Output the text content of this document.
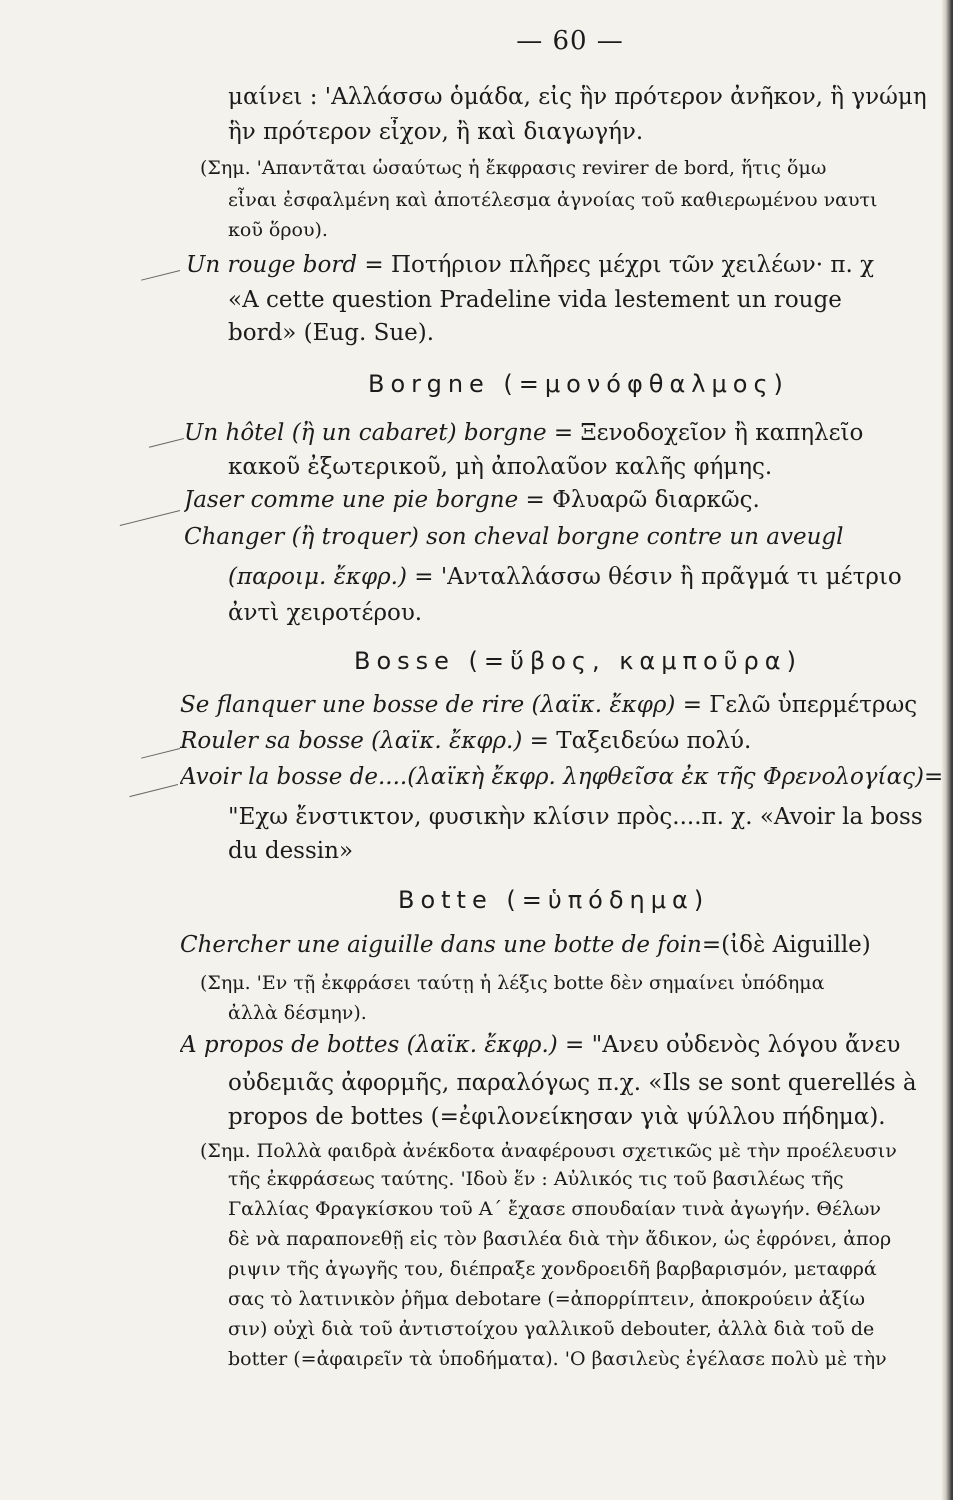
— 60 —
μαίνει : 'Αλλάσσω ὁμάδα, εἰς ἣν πρότερον ἀνῆκον, ἣ γνώμη
ἣν πρότερον εἶχον, ἢ καὶ διαγωγήν.
(Σημ. 'Απαντᾶται ὡσαύτως ἡ ἔκφρασις revirer de bord, ἥτις ὅμω
εἶναι ἐσφαλμένη καὶ ἀποτέλεσμα ἀγνοίας τοῦ καθιερωμένου ναυτι
κοῦ ὅρου).
Un rouge bord = Ποτήριον πλῆρες μέχρι τῶν χειλέων· π. χ
«A cette question Pradeline vida lestement un rouge
bord» (Eug. Sue).
Borgne (=μονόφθαλμος)
Un hôtel (ἢ un cabaret) borgne = Ξενοδοχεῖον ἢ καπηλεῖο
κακοῦ ἐξωτερικοῦ, μὴ ἀπολαῦον καλῆς φήμης.
Jaser comme une pie borgne = Φλυαρῶ διαρκῶς.
Changer (ἢ troquer) son cheval borgne contre un aveugl
(παροιμ. ἔκφρ.) = 'Ανταλλάσσω θέσιν ἢ πρᾶγμά τι μέτριο
ἀντὶ χειροτέρου.
Bosse (=ὕβος, καμποῦρα)
Se flanquer une bosse de rire (λαϊκ. ἔκφρ) = Γελῶ ὑπερμέτρως
Rouler sa bosse (λαϊκ. ἔκφρ.) = Ταξειδεύω πολύ.
Avoir la bosse de....(λαϊκὴ ἔκφρ. ληφθεῖσα ἐκ τῆς Φρενολογίας)=
"Εχω ἔνστικτον, φυσικὴν κλίσιν πρὸς....π. χ. «Avoir la boss
du dessin»
Botte (=ὑπόδημα)
Chercher une aiguille dans une botte de foin=(ἰδὲ Aiguille)
(Σημ. 'Εν τῇ ἐκφράσει ταύτῃ ἡ λέξις botte δὲν σημαίνει ὑπόδημα
ἀλλὰ δέσμην).
A propos de bottes (λαϊκ. ἔκφρ.) = "Ανευ οὐδενὸς λόγου ἄνευ
οὐδεμιᾶς ἀφορμῆς, παραλόγως π.χ. «Ils se sont querellés à
propos de bottes (=ἐφιλονείκησαν γιὰ ψύλλου πήδημα).
(Σημ. Πολλὰ φαιδρὰ ἀνέκδοτα ἀναφέρουσι σχετικῶς μὲ τὴν προέλευσιν
τῆς ἐκφράσεως ταύτης. 'Ιδοὺ ἕν : Αὐλικός τις τοῦ βασιλέως τῆς
Γαλλίας Φραγκίσκου τοῦ Α΄ ἔχασε σπουδαίαν τινὰ ἀγωγήν. Θέλων
δὲ νὰ παραπονεθῇ εἰς τὸν βασιλέα διὰ τὴν ἄδικον, ὡς ἐφρόνει, ἀπορ
ριψιν τῆς ἀγωγῆς του, διέπραξε χονδροειδῆ βαρβαρισμόν, μεταφρά
σας τὸ λατινικὸν ῥῆμα debotare (=ἀπορρίπτειν, ἀποκρούειν ἀξίω
σιν) οὐχὶ διὰ τοῦ ἀντιστοίχου γαλλικοῦ debouter, ἀλλὰ διὰ τοῦ de
botter (=ἀφαιρεῖν τὰ ὑποδήματα). 'Ο βασιλεὺς ἐγέλασε πολὺ μὲ τὴν
